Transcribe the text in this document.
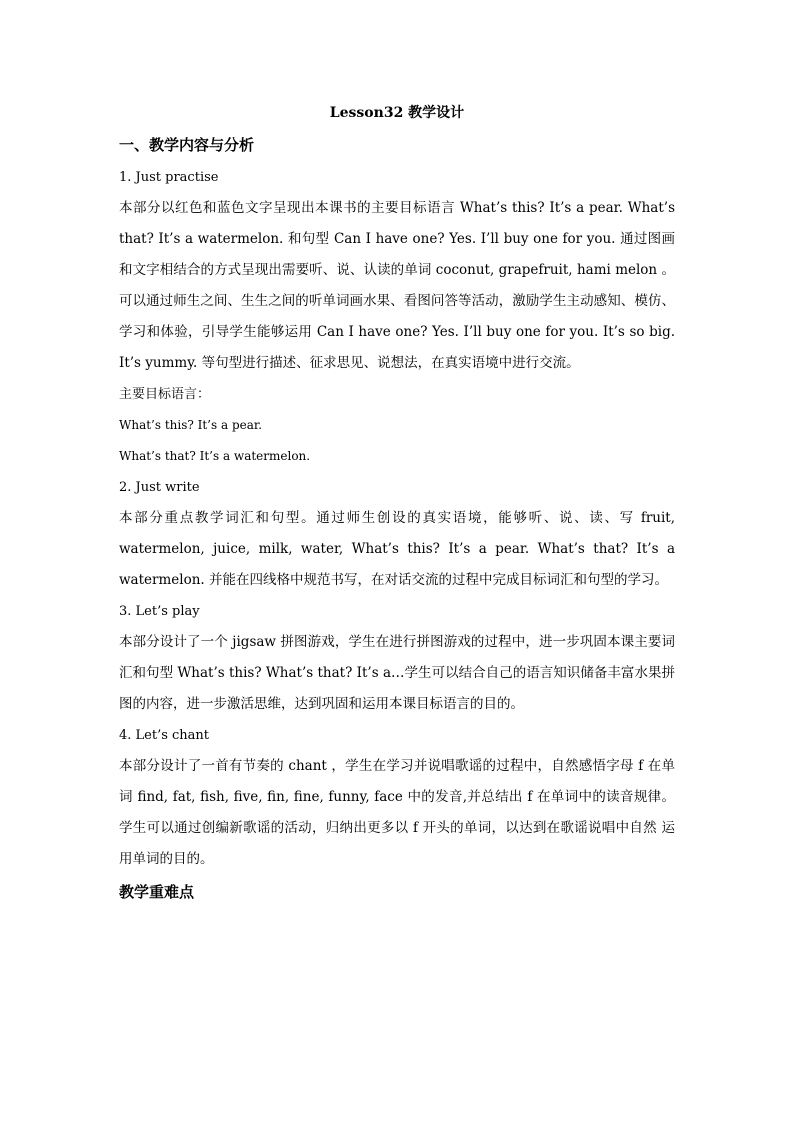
Lesson32 教学设计

一、教学内容与分析

1. Just practise

本部分以红色和蓝色文字呈现出本课书的主要目标语言 What’s this? It’s a pear. What’s that? It’s a watermelon. 和句型 Can I have one? Yes. I’ll buy one for you. 通过图画和文字相结合的方式呈现出需要听、说、认读的单词 coconut, grapefruit, hami melon 。可以通过师生之间、生生之间的听单词画水果、看图问答等活动，激励学生主动感知、模仿、学习和体验，引导学生能够运用 Can I have one? Yes. I’ll buy one for you. It’s so big. It’s yummy. 等句型进行描述、征求思见、说想法，在真实语境中进行交流。

主要目标语言：

What’s this? It’s a pear.

What’s that? It’s a watermelon.

2. Just write

本部分重点教学词汇和句型。通过师生创设的真实语境，能够听、说、读、写 fruit, watermelon, juice, milk, water, What’s this? It’s a pear. What’s that? It’s a watermelon. 并能在四线格中规范书写，在对话交流的过程中完成目标词汇和句型的学习。

3. Let’s play

本部分设计了一个 jigsaw 拼图游戏，学生在进行拼图游戏的过程中，进一步巩固本课主要词汇和句型 What’s this? What’s that? It’s a…学生可以结合自己的语言知识储备丰富水果拼图的内容，进一步激活思维，达到巩固和运用本课目标语言的目的。

4. Let’s chant

本部分设计了一首有节奏的 chant ，学生在学习并说唱歌谣的过程中，自然感悟字母 f 在单词 find, fat, fish, five, fin, fine, funny, face 中的发音,并总结出 f 在单词中的读音规律。学生可以通过创编新歌谣的活动，归纳出更多以 f 开头的单词，以达到在歌谣说唱中自然 运用单词的目的。

教学重难点
